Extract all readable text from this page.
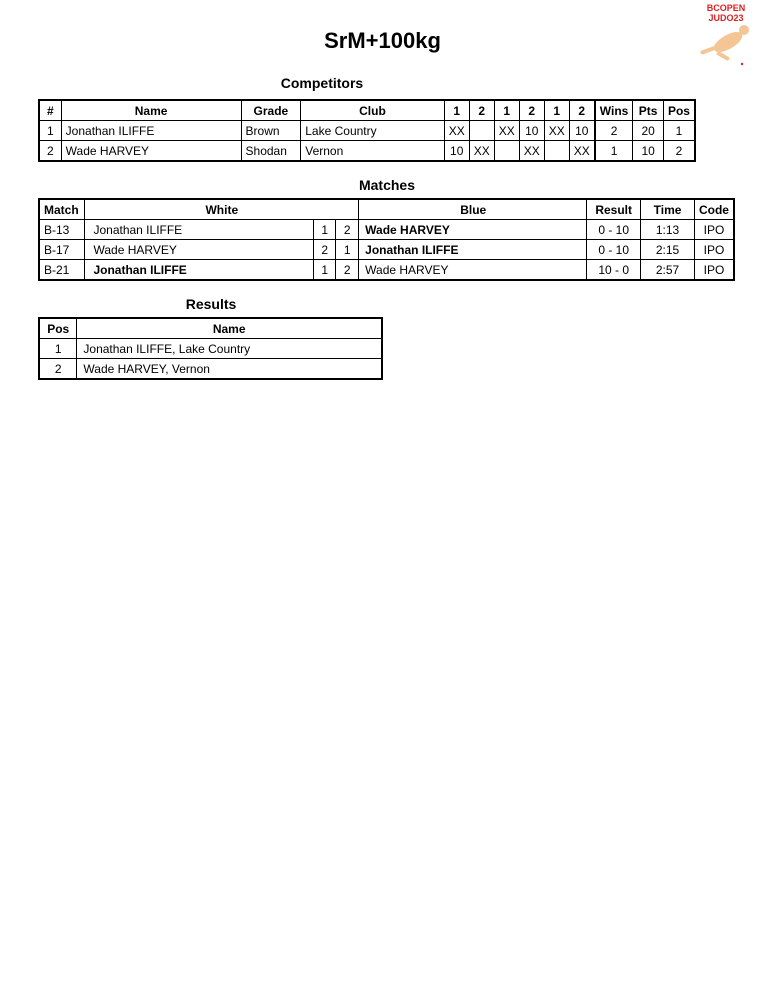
BCOPEN
JUDO23
SrM+100kg
Competitors
#	Name	Grade	Club	1	2	1	2	1	2	Wins	Pts	Pos
1	Jonathan ILIFFE	Brown	Lake Country	XX		XX	10	XX	10	2	20	1
2	Wade HARVEY	Shodan	Vernon	10	XX		XX		XX	1	10	2
Matches
Match	White			Blue	Result	Time	Code
B-13	Jonathan ILIFFE	1	2	Wade HARVEY	0 - 10	1:13	IPO
B-17	Wade HARVEY	2	1	Jonathan ILIFFE	0 - 10	2:15	IPO
B-21	Jonathan ILIFFE	1	2	Wade HARVEY	10 - 0	2:57	IPO
Results
Pos	Name
1	Jonathan ILIFFE, Lake Country
2	Wade HARVEY, Vernon
